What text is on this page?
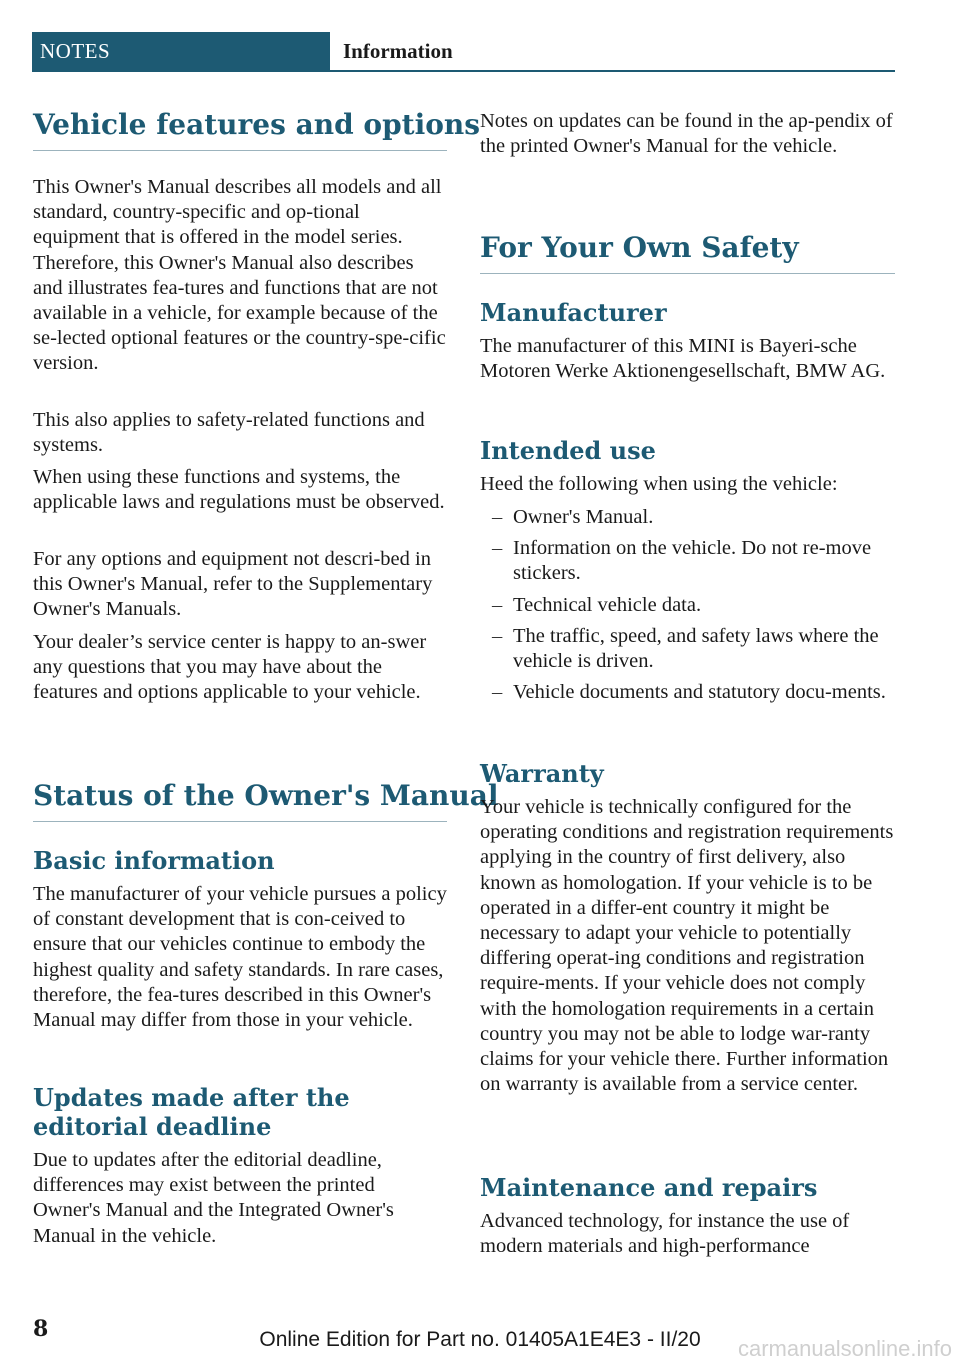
NOTES	Information
Vehicle features and options
This Owner's Manual describes all models and all standard, country-specific and op-tional equipment that is offered in the model series. Therefore, this Owner's Manual also describes and illustrates fea-tures and functions that are not available in a vehicle, for example because of the se-lected optional features or the country-spe-cific version.
This also applies to safety-related functions and systems.
When using these functions and systems, the applicable laws and regulations must be observed.
For any options and equipment not descri-bed in this Owner's Manual, refer to the Supplementary Owner's Manuals.
Your dealer’s service center is happy to an-swer any questions that you may have about the features and options applicable to your vehicle.
Status of the Owner's Manual
Basic information
The manufacturer of your vehicle pursues a policy of constant development that is con-ceived to ensure that our vehicles continue to embody the highest quality and safety standards. In rare cases, therefore, the fea-tures described in this Owner's Manual may differ from those in your vehicle.
Updates made after the editorial deadline
Due to updates after the editorial deadline, differences may exist between the printed Owner's Manual and the Integrated Owner's Manual in the vehicle.
Notes on updates can be found in the ap-pendix of the printed Owner's Manual for the vehicle.
For Your Own Safety
Manufacturer
The manufacturer of this MINI is Bayeri-sche Motoren Werke Aktionengesellschaft, BMW AG.
Intended use
Heed the following when using the vehicle:
– Owner's Manual.
– Information on the vehicle. Do not re-move stickers.
– Technical vehicle data.
– The traffic, speed, and safety laws where the vehicle is driven.
– Vehicle documents and statutory docu-ments.
Warranty
Your vehicle is technically configured for the operating conditions and registration requirements applying in the country of first delivery, also known as homologation. If your vehicle is to be operated in a differ-ent country it might be necessary to adapt your vehicle to potentially differing operat-ing conditions and registration require-ments. If your vehicle does not comply with the homologation requirements in a certain country you may not be able to lodge war-ranty claims for your vehicle there. Further information on warranty is available from a service center.
Maintenance and repairs
Advanced technology, for instance the use of modern materials and high-performance
8	Online Edition for Part no. 01405A1E4E3 - II/20	carmanualsonline.info
